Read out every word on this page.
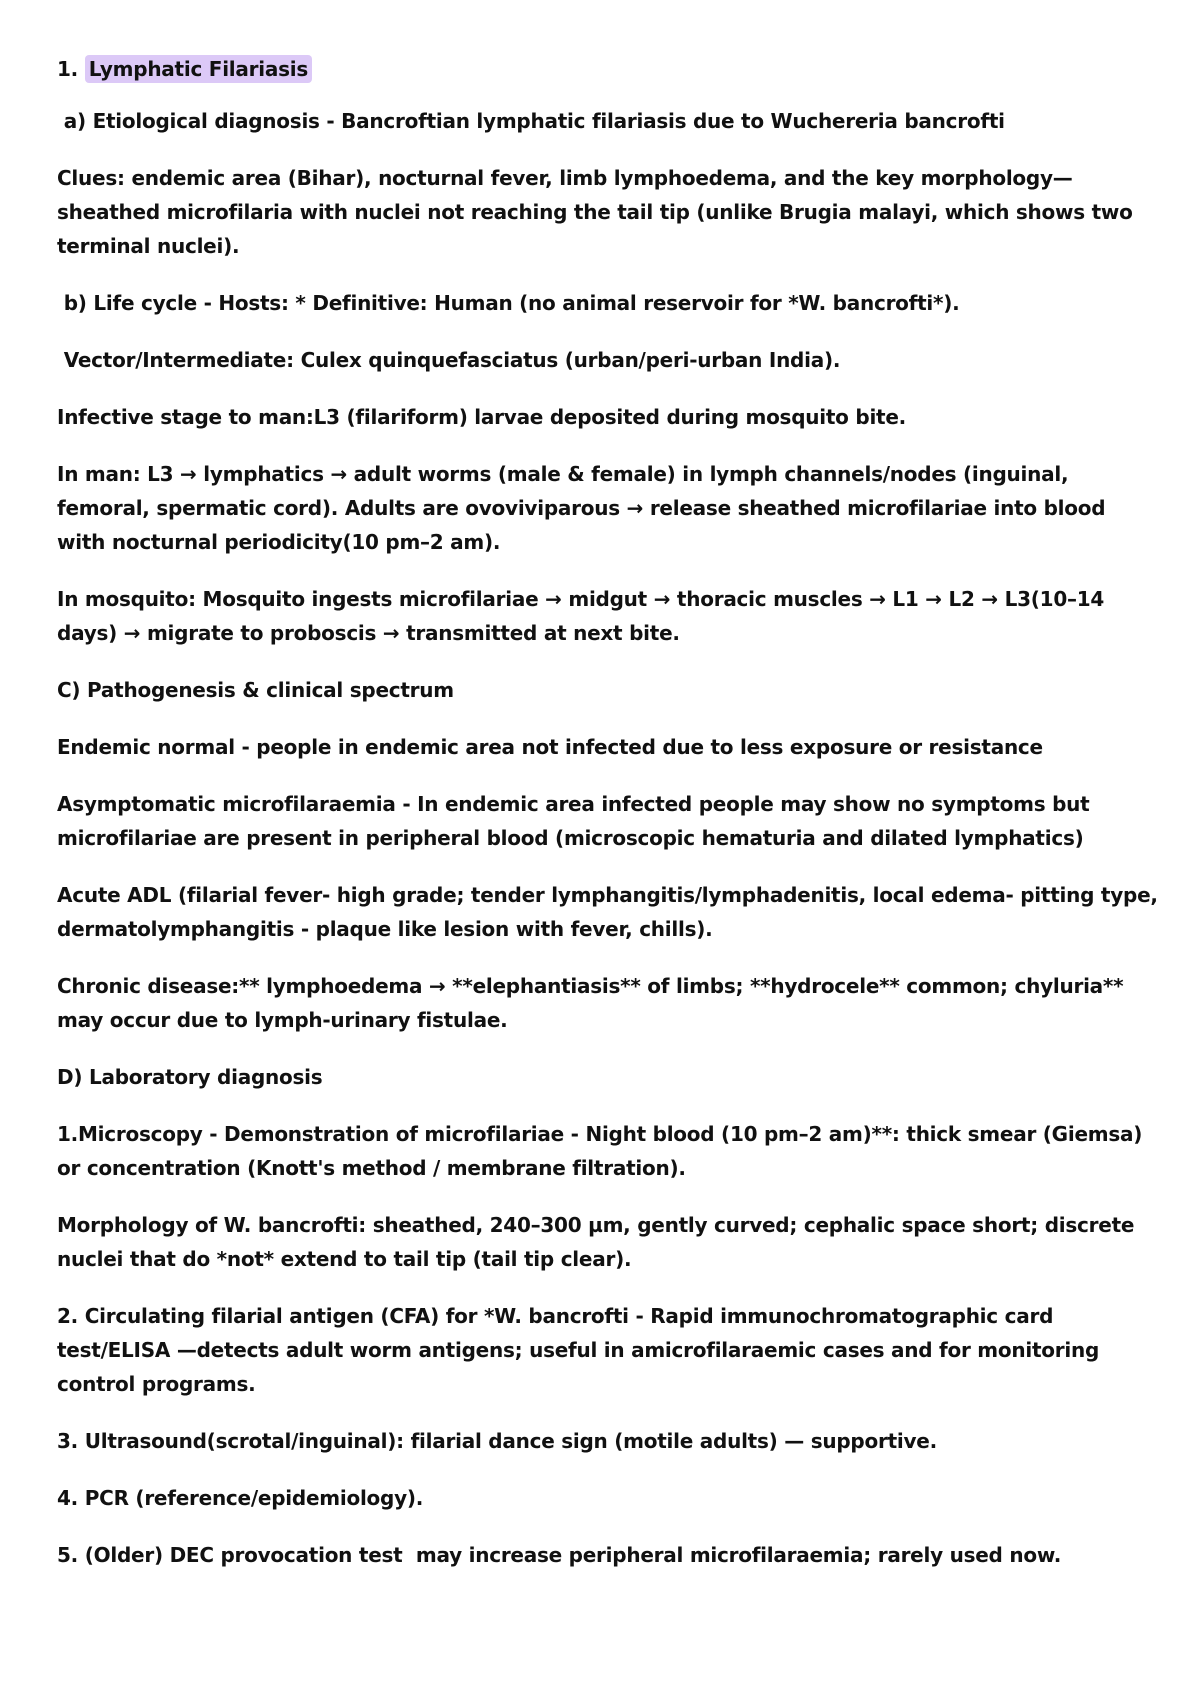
1. Lymphatic Filariasis

a) Etiological diagnosis - Bancroftian lymphatic filariasis due to Wuchereria bancrofti

Clues: endemic area (Bihar), nocturnal fever, limb lymphoedema, and the key morphology—sheathed microfilaria with nuclei not reaching the tail tip (unlike Brugia malayi, which shows two terminal nuclei).

b) Life cycle - Hosts: * Definitive: Human (no animal reservoir for *W. bancrofti*).

Vector/Intermediate: Culex quinquefasciatus (urban/peri-urban India).

Infective stage to man:L3 (filariform) larvae deposited during mosquito bite.

In man: L3 → lymphatics → adult worms (male & female) in lymph channels/nodes (inguinal, femoral, spermatic cord). Adults are ovoviviparous → release sheathed microfilariae into blood with nocturnal periodicity(10 pm–2 am).

In mosquito: Mosquito ingests microfilariae → midgut → thoracic muscles → L1 → L2 → L3(10–14 days) → migrate to proboscis → transmitted at next bite.

C) Pathogenesis & clinical spectrum

Endemic normal - people in endemic area not infected due to less exposure or resistance

Asymptomatic microfilaraemia - In endemic area infected people may show no symptoms but microfilariae are present in peripheral blood (microscopic hematuria and dilated lymphatics)

Acute ADL (filarial fever- high grade; tender lymphangitis/lymphadenitis, local edema- pitting type, dermatolymphangitis - plaque like lesion with fever, chills).

Chronic disease:** lymphoedema → **elephantiasis** of limbs; **hydrocele** common; chyluria** may occur due to lymph-urinary fistulae.

D) Laboratory diagnosis

1.Microscopy - Demonstration of microfilariae - Night blood (10 pm–2 am)**: thick smear (Giemsa) or concentration (Knott's method / membrane filtration).

Morphology of W. bancrofti: sheathed, 240–300 µm, gently curved; cephalic space short; discrete nuclei that do *not* extend to tail tip (tail tip clear).

2. Circulating filarial antigen (CFA) for *W. bancrofti - Rapid immunochromatographic card test/ELISA —detects adult worm antigens; useful in amicrofilaraemic cases and for monitoring control programs.

3. Ultrasound(scrotal/inguinal): filarial dance sign (motile adults) — supportive.

4. PCR (reference/epidemiology).

5. (Older) DEC provocation test  may increase peripheral microfilaraemia; rarely used now.
